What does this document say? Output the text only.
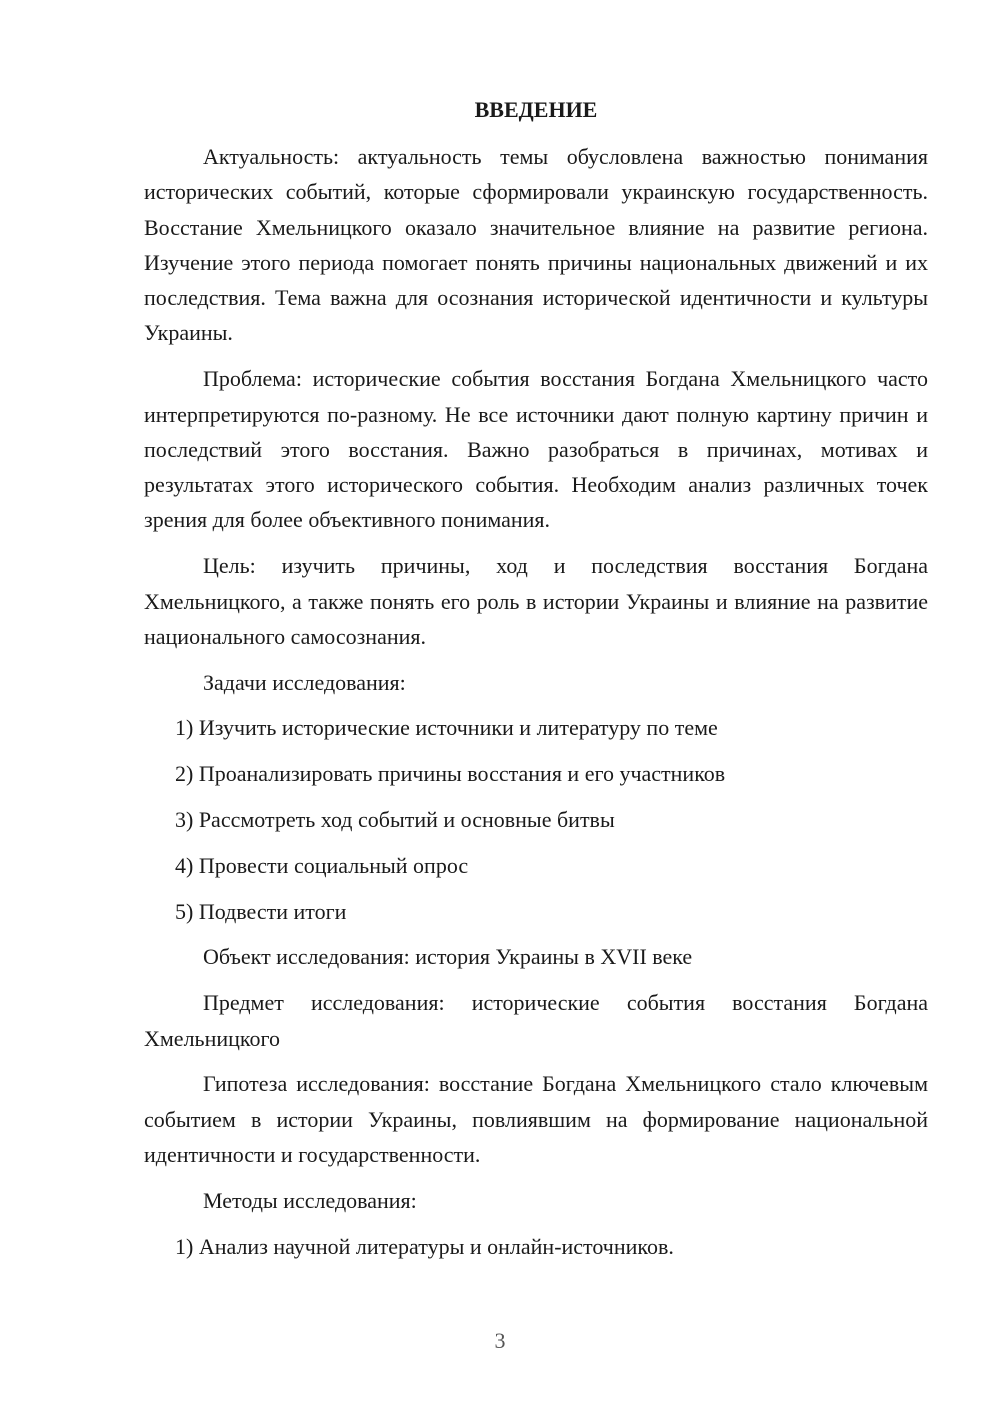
ВВЕДЕНИЕ

Актуальность: актуальность темы обусловлена важностью понимания исторических событий, которые сформировали украинскую государственность. Восстание Хмельницкого оказало значительное влияние на развитие региона. Изучение этого периода помогает понять причины национальных движений и их последствия. Тема важна для осознания исторической идентичности и культуры Украины.

Проблема: исторические события восстания Богдана Хмельницкого часто интерпретируются по-разному. Не все источники дают полную картину причин и последствий этого восстания. Важно разобраться в причинах, мотивах и результатах этого исторического события. Необходим анализ различных точек зрения для более объективного понимания.

Цель: изучить причины, ход и последствия восстания Богдана Хмельницкого, а также понять его роль в истории Украины и влияние на развитие национального самосознания.

Задачи исследования:

1) Изучить исторические источники и литературу по теме

2) Проанализировать причины восстания и его участников

3) Рассмотреть ход событий и основные битвы

4) Провести социальный опрос

5) Подвести итоги

Объект исследования: история Украины в XVII веке

Предмет исследования: исторические события восстания Богдана Хмельницкого

Гипотеза исследования: восстание Богдана Хмельницкого стало ключевым событием в истории Украины, повлиявшим на формирование национальной идентичности и государственности.

Методы исследования:

1) Анализ научной литературы и онлайн-источников.

3
